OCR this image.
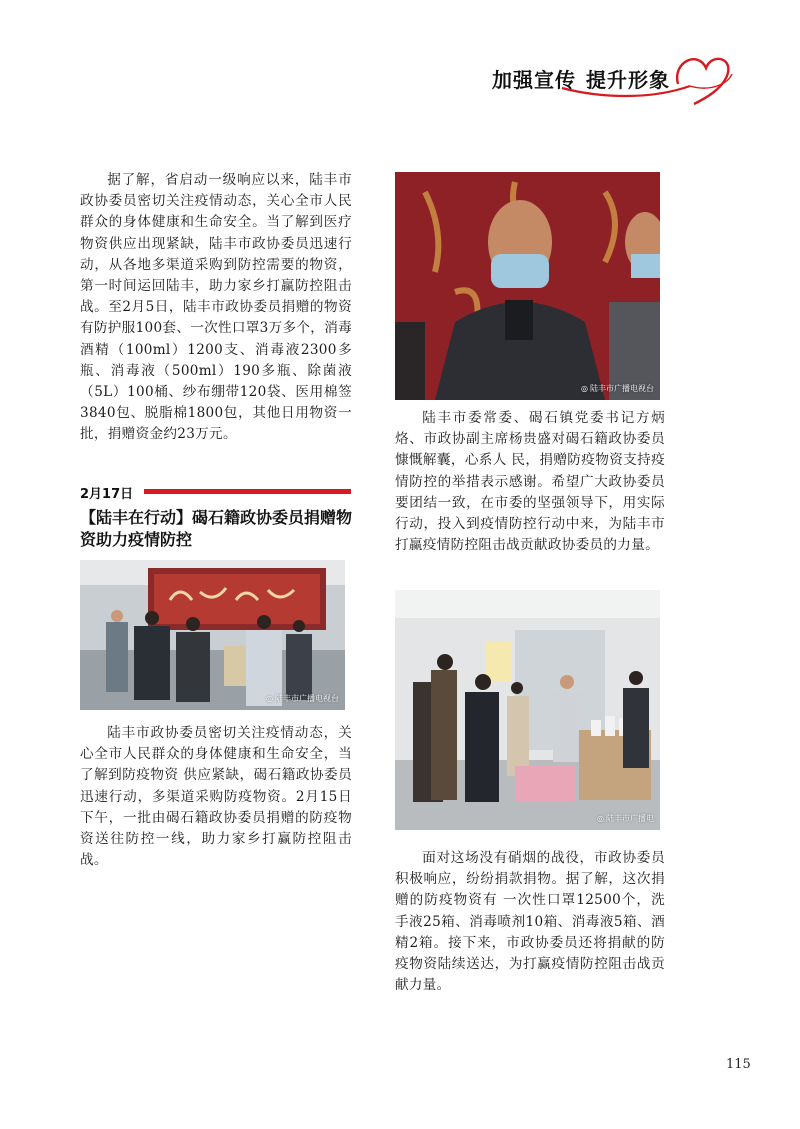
加强宣传 提升形象

据了解，省启动一级响应以来，陆丰市政协委员密切关注疫情动态，关心全市人民群众的身体健康和生命安全。当了解到医疗物资供应出现紧缺，陆丰市政协委员迅速行动，从各地多渠道采购到防控需要的物资，第一时间运回陆丰，助力家乡打赢防控阻击战。至2月5日，陆丰市政协委员捐赠的物资有防护服100套、一次性口罩3万多个，消毒酒精（100ml）1200支、消毒液2300多瓶、消毒液（500ml）190多瓶、除菌液（5L）100桶、纱布绷带120袋、医用棉签3840包、脱脂棉1800包，其他日用物资一批，捐赠资金约23万元。

2月17日
【陆丰在行动】碣石籍政协委员捐赠物资助力疫情防控
◎ 陆丰市广播电视台

陆丰市政协委员密切关注疫情动态，关心全市人民群众的身体健康和生命安全，当了解到防疫物资 供应紧缺，碣石籍政协委员迅速行动，多渠道采购防疫物资。2月15日下午，一批由碣石籍政协委员捐赠的防疫物资送往防控一线，助力家乡打赢防控阻击战。

◎ 陆丰市广播电视台

陆丰市委常委、碣石镇党委书记方炳烙、市政协副主席杨贵盛对碣石籍政协委员慷慨解囊，心系人 民，捐赠防疫物资支持疫情防控的举措表示感谢。希望广大政协委员要团结一致，在市委的坚强领导下，用实际行动，投入到疫情防控行动中来，为陆丰市打赢疫情防控阻击战贡献政协委员的力量。

◎ 陆丰市广播电

面对这场没有硝烟的战役，市政协委员积极响应，纷纷捐款捐物。据了解，这次捐赠的防疫物资有 一次性口罩12500个，洗手液25箱、消毒喷剂10箱、消毒液5箱、酒精2箱。接下来，市政协委员还将捐献的防疫物资陆续送达，为打赢疫情防控阻击战贡献力量。

115
